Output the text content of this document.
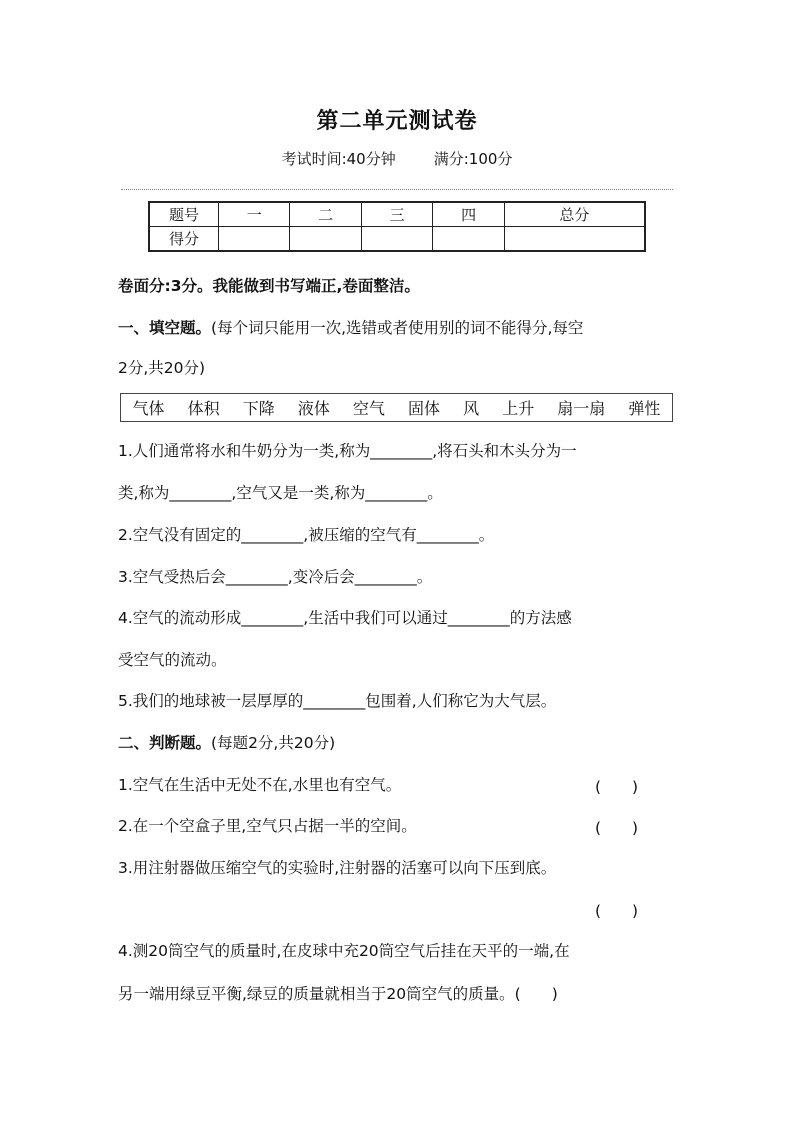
第二单元测试卷
考试时间:40分钟	满分:100分
题号	一	二	三	四	总分
得分					
卷面分:3分。我能做到书写端正,卷面整洁。
一、填空题。(每个词只能用一次,选错或者使用别的词不能得分,每空
2分,共20分)
气体 体积 下降 液体 空气 固体 风 上升 扇一扇 弹性
1.人们通常将水和牛奶分为一类,称为________,将石头和木头分为一
类,称为________,空气又是一类,称为________。
2.空气没有固定的________,被压缩的空气有________。
3.空气受热后会________,变冷后会________。
4.空气的流动形成________,生活中我们可以通过________的方法感
受空气的流动。
5.我们的地球被一层厚厚的________包围着,人们称它为大气层。
二、判断题。(每题2分,共20分)
1.空气在生活中无处不在,水里也有空气。	(　　)
2.在一个空盒子里,空气只占据一半的空间。	(　　)
3.用注射器做压缩空气的实验时,注射器的活塞可以向下压到底。
(　　)
4.测20筒空气的质量时,在皮球中充20筒空气后挂在天平的一端,在
另一端用绿豆平衡,绿豆的质量就相当于20筒空气的质量。(　　)
